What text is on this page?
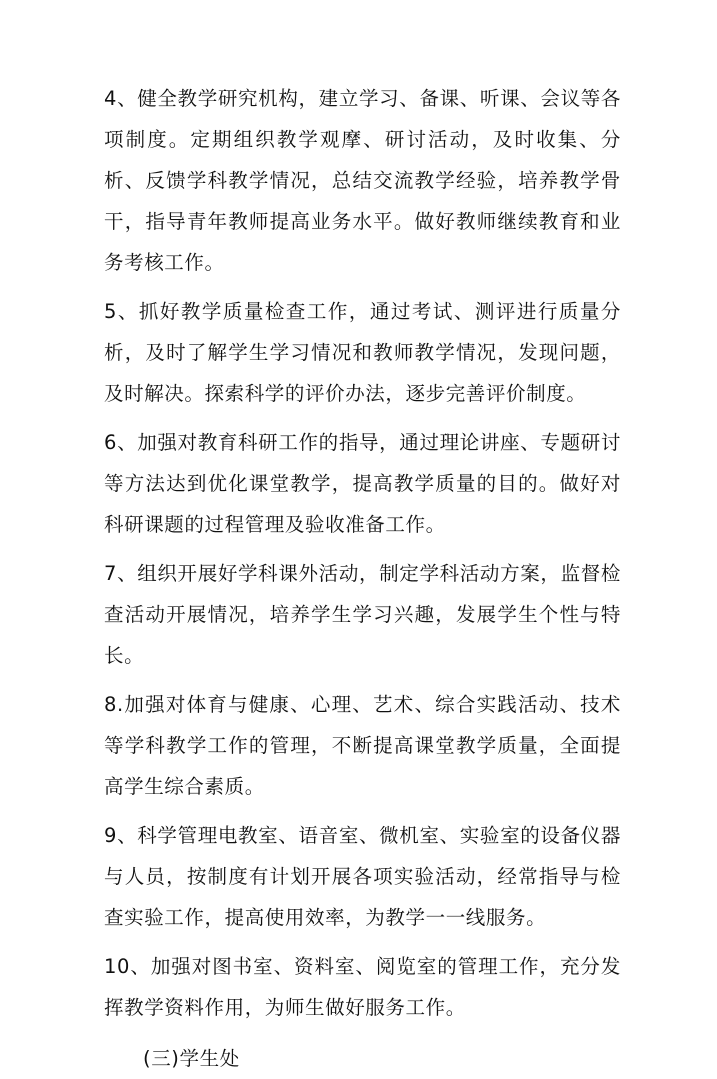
4、健全教学研究机构，建立学习、备课、听课、会议等各项制度。定期组织教学观摩、研讨活动，及时收集、分析、反馈学科教学情况，总结交流教学经验，培养教学骨干，指导青年教师提高业务水平。做好教师继续教育和业务考核工作。

5、抓好教学质量检查工作，通过考试、测评进行质量分析，及时了解学生学习情况和教师教学情况，发现问题，及时解决。探索科学的评价办法，逐步完善评价制度。

6、加强对教育科研工作的指导，通过理论讲座、专题研讨等方法达到优化课堂教学，提高教学质量的目的。做好对科研课题的过程管理及验收准备工作。

7、组织开展好学科课外活动，制定学科活动方案，监督检查活动开展情况，培养学生学习兴趣，发展学生个性与特长。

8.加强对体育与健康、心理、艺术、综合实践活动、技术等学科教学工作的管理，不断提高课堂教学质量，全面提高学生综合素质。

9、科学管理电教室、语音室、微机室、实验室的设备仪器与人员，按制度有计划开展各项实验活动，经常指导与检查实验工作，提高使用效率，为教学一一线服务。

10、加强对图书室、资料室、阅览室的管理工作，充分发挥教学资料作用，为师生做好服务工作。

(三)学生处
